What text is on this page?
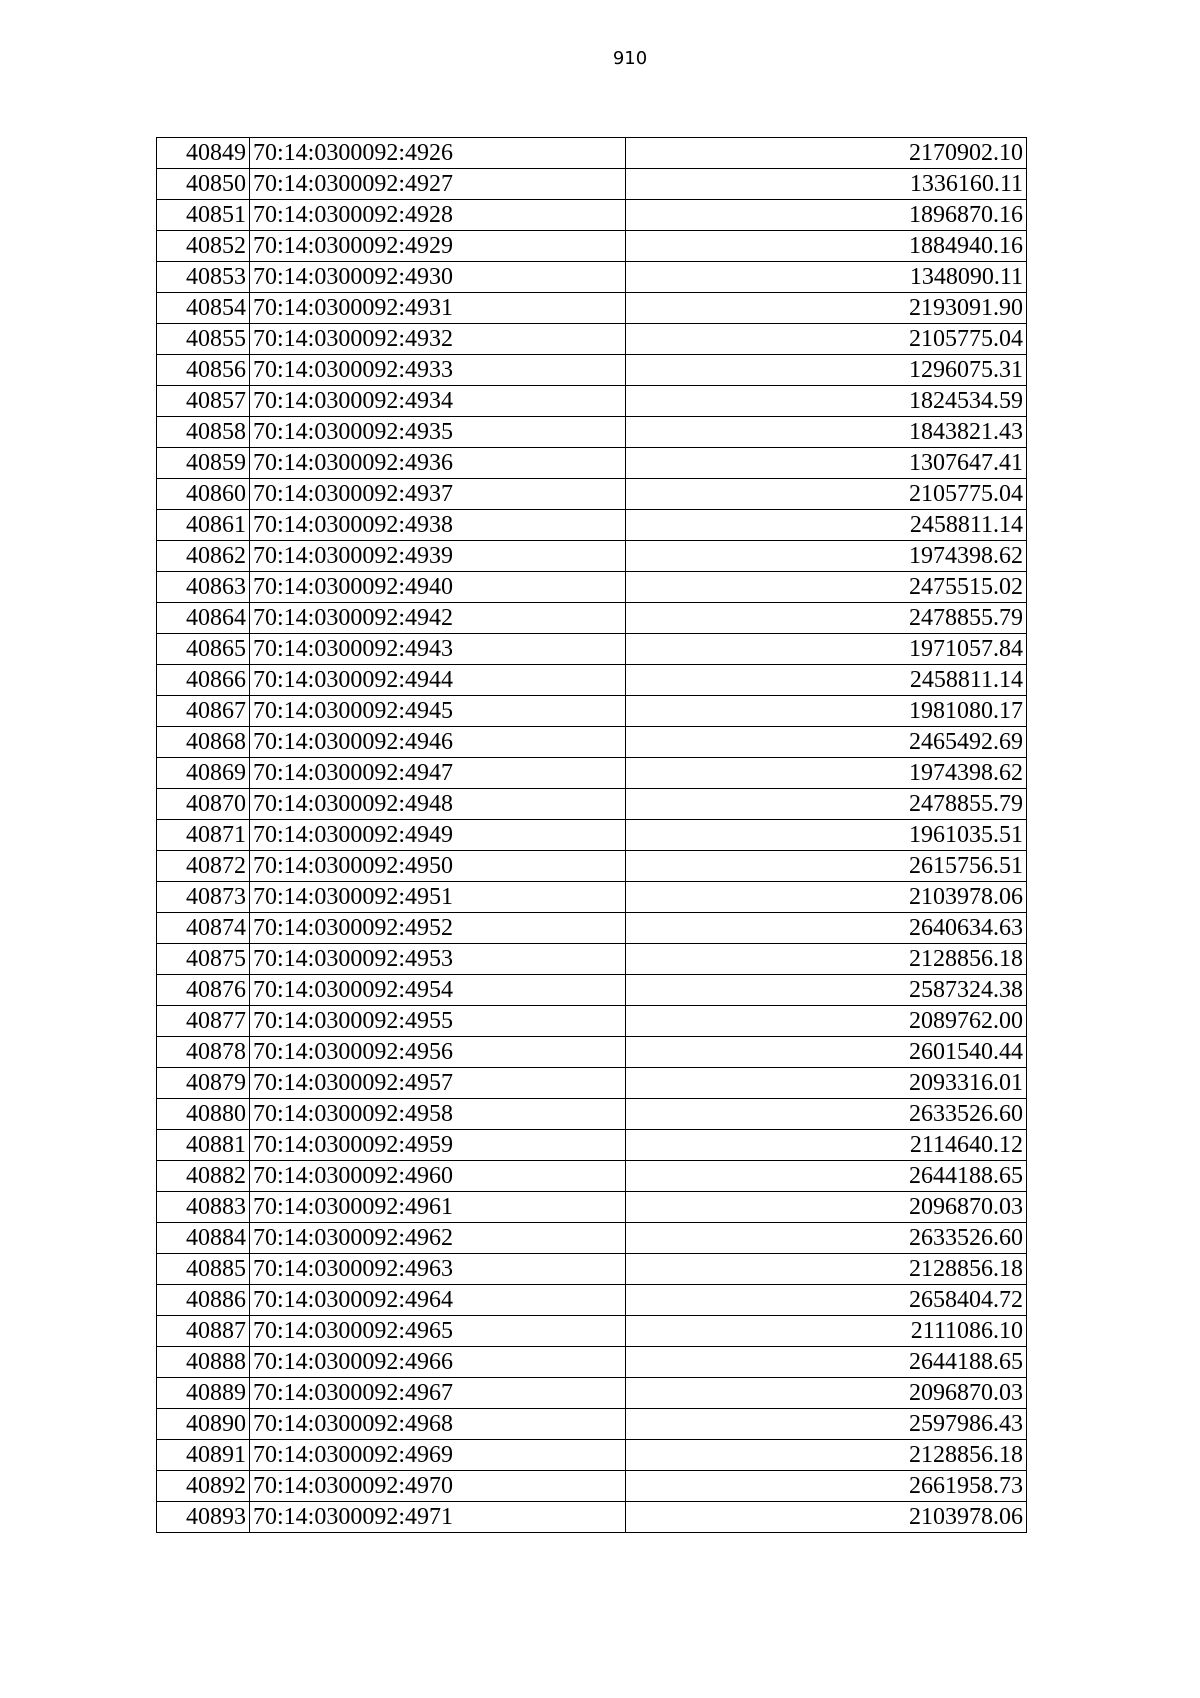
910
40849	70:14:0300092:4926	2170902.10
40850	70:14:0300092:4927	1336160.11
40851	70:14:0300092:4928	1896870.16
40852	70:14:0300092:4929	1884940.16
40853	70:14:0300092:4930	1348090.11
40854	70:14:0300092:4931	2193091.90
40855	70:14:0300092:4932	2105775.04
40856	70:14:0300092:4933	1296075.31
40857	70:14:0300092:4934	1824534.59
40858	70:14:0300092:4935	1843821.43
40859	70:14:0300092:4936	1307647.41
40860	70:14:0300092:4937	2105775.04
40861	70:14:0300092:4938	2458811.14
40862	70:14:0300092:4939	1974398.62
40863	70:14:0300092:4940	2475515.02
40864	70:14:0300092:4942	2478855.79
40865	70:14:0300092:4943	1971057.84
40866	70:14:0300092:4944	2458811.14
40867	70:14:0300092:4945	1981080.17
40868	70:14:0300092:4946	2465492.69
40869	70:14:0300092:4947	1974398.62
40870	70:14:0300092:4948	2478855.79
40871	70:14:0300092:4949	1961035.51
40872	70:14:0300092:4950	2615756.51
40873	70:14:0300092:4951	2103978.06
40874	70:14:0300092:4952	2640634.63
40875	70:14:0300092:4953	2128856.18
40876	70:14:0300092:4954	2587324.38
40877	70:14:0300092:4955	2089762.00
40878	70:14:0300092:4956	2601540.44
40879	70:14:0300092:4957	2093316.01
40880	70:14:0300092:4958	2633526.60
40881	70:14:0300092:4959	2114640.12
40882	70:14:0300092:4960	2644188.65
40883	70:14:0300092:4961	2096870.03
40884	70:14:0300092:4962	2633526.60
40885	70:14:0300092:4963	2128856.18
40886	70:14:0300092:4964	2658404.72
40887	70:14:0300092:4965	2111086.10
40888	70:14:0300092:4966	2644188.65
40889	70:14:0300092:4967	2096870.03
40890	70:14:0300092:4968	2597986.43
40891	70:14:0300092:4969	2128856.18
40892	70:14:0300092:4970	2661958.73
40893	70:14:0300092:4971	2103978.06
